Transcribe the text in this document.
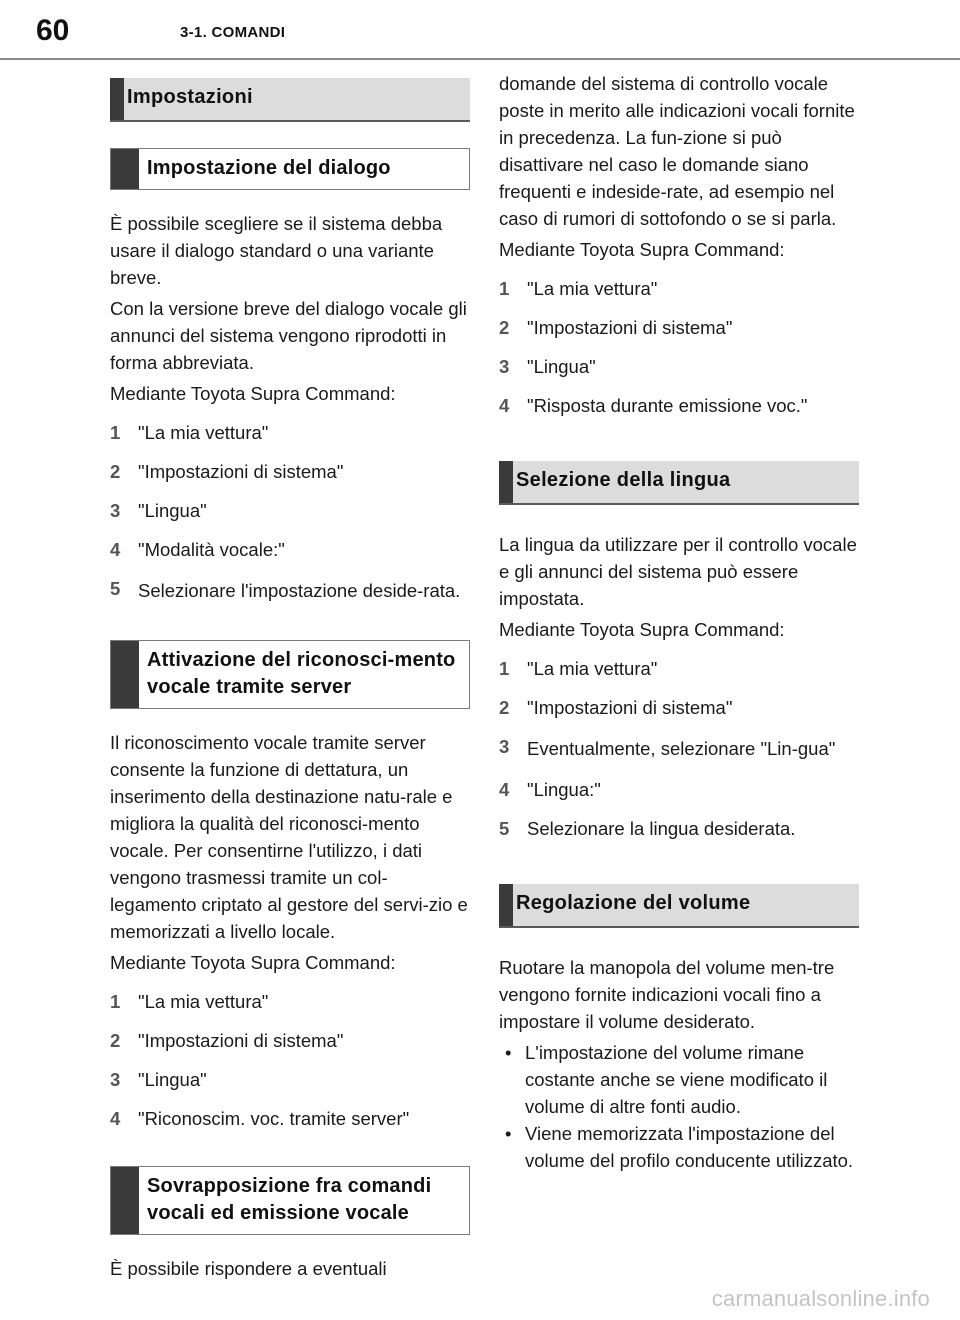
60	3-1. COMANDI
Impostazioni
Impostazione del dialogo

È possibile scegliere se il sistema debba usare il dialogo standard o una variante breve.

Con la versione breve del dialogo vocale gli annunci del sistema vengono riprodotti in forma abbreviata.

Mediante Toyota Supra Command:

1 "La mia vettura"
2 "Impostazioni di sistema"
3 "Lingua"
4 "Modalità vocale:"
5 Selezionare l'impostazione deside-rata.
Attivazione del riconosci-mento vocale tramite server

Il riconoscimento vocale tramite server consente la funzione di dettatura, un inserimento della destinazione natu-rale e migliora la qualità del riconosci-mento vocale. Per consentirne l'utilizzo, i dati vengono trasmessi tramite un col-legamento criptato al gestore del servi-zio e memorizzati a livello locale.

Mediante Toyota Supra Command:

1 "La mia vettura"
2 "Impostazioni di sistema"
3 "Lingua"
4 "Riconoscim. voc. tramite server"
Sovrapposizione fra comandi vocali ed emissione vocale

È possibile rispondere a eventuali

domande del sistema di controllo vocale poste in merito alle indicazioni vocali fornite in precedenza. La fun-zione si può disattivare nel caso le domande siano frequenti e indeside-rate, ad esempio nel caso di rumori di sottofondo o se si parla.

Mediante Toyota Supra Command:

1 "La mia vettura"
2 "Impostazioni di sistema"
3 "Lingua"
4 "Risposta durante emissione voc."
Selezione della lingua

La lingua da utilizzare per il controllo vocale e gli annunci del sistema può essere impostata.

Mediante Toyota Supra Command:

1 "La mia vettura"
2 "Impostazioni di sistema"
3 Eventualmente, selezionare "Lin-gua"
4 "Lingua:"
5 Selezionare la lingua desiderata.
Regolazione del volume

Ruotare la manopola del volume men-tre vengono fornite indicazioni vocali fino a impostare il volume desiderato.

• L'impostazione del volume rimane costante anche se viene modificato il volume di altre fonti audio.
• Viene memorizzata l'impostazione del volume del profilo conducente utilizzato.
carmanualsonline.info
